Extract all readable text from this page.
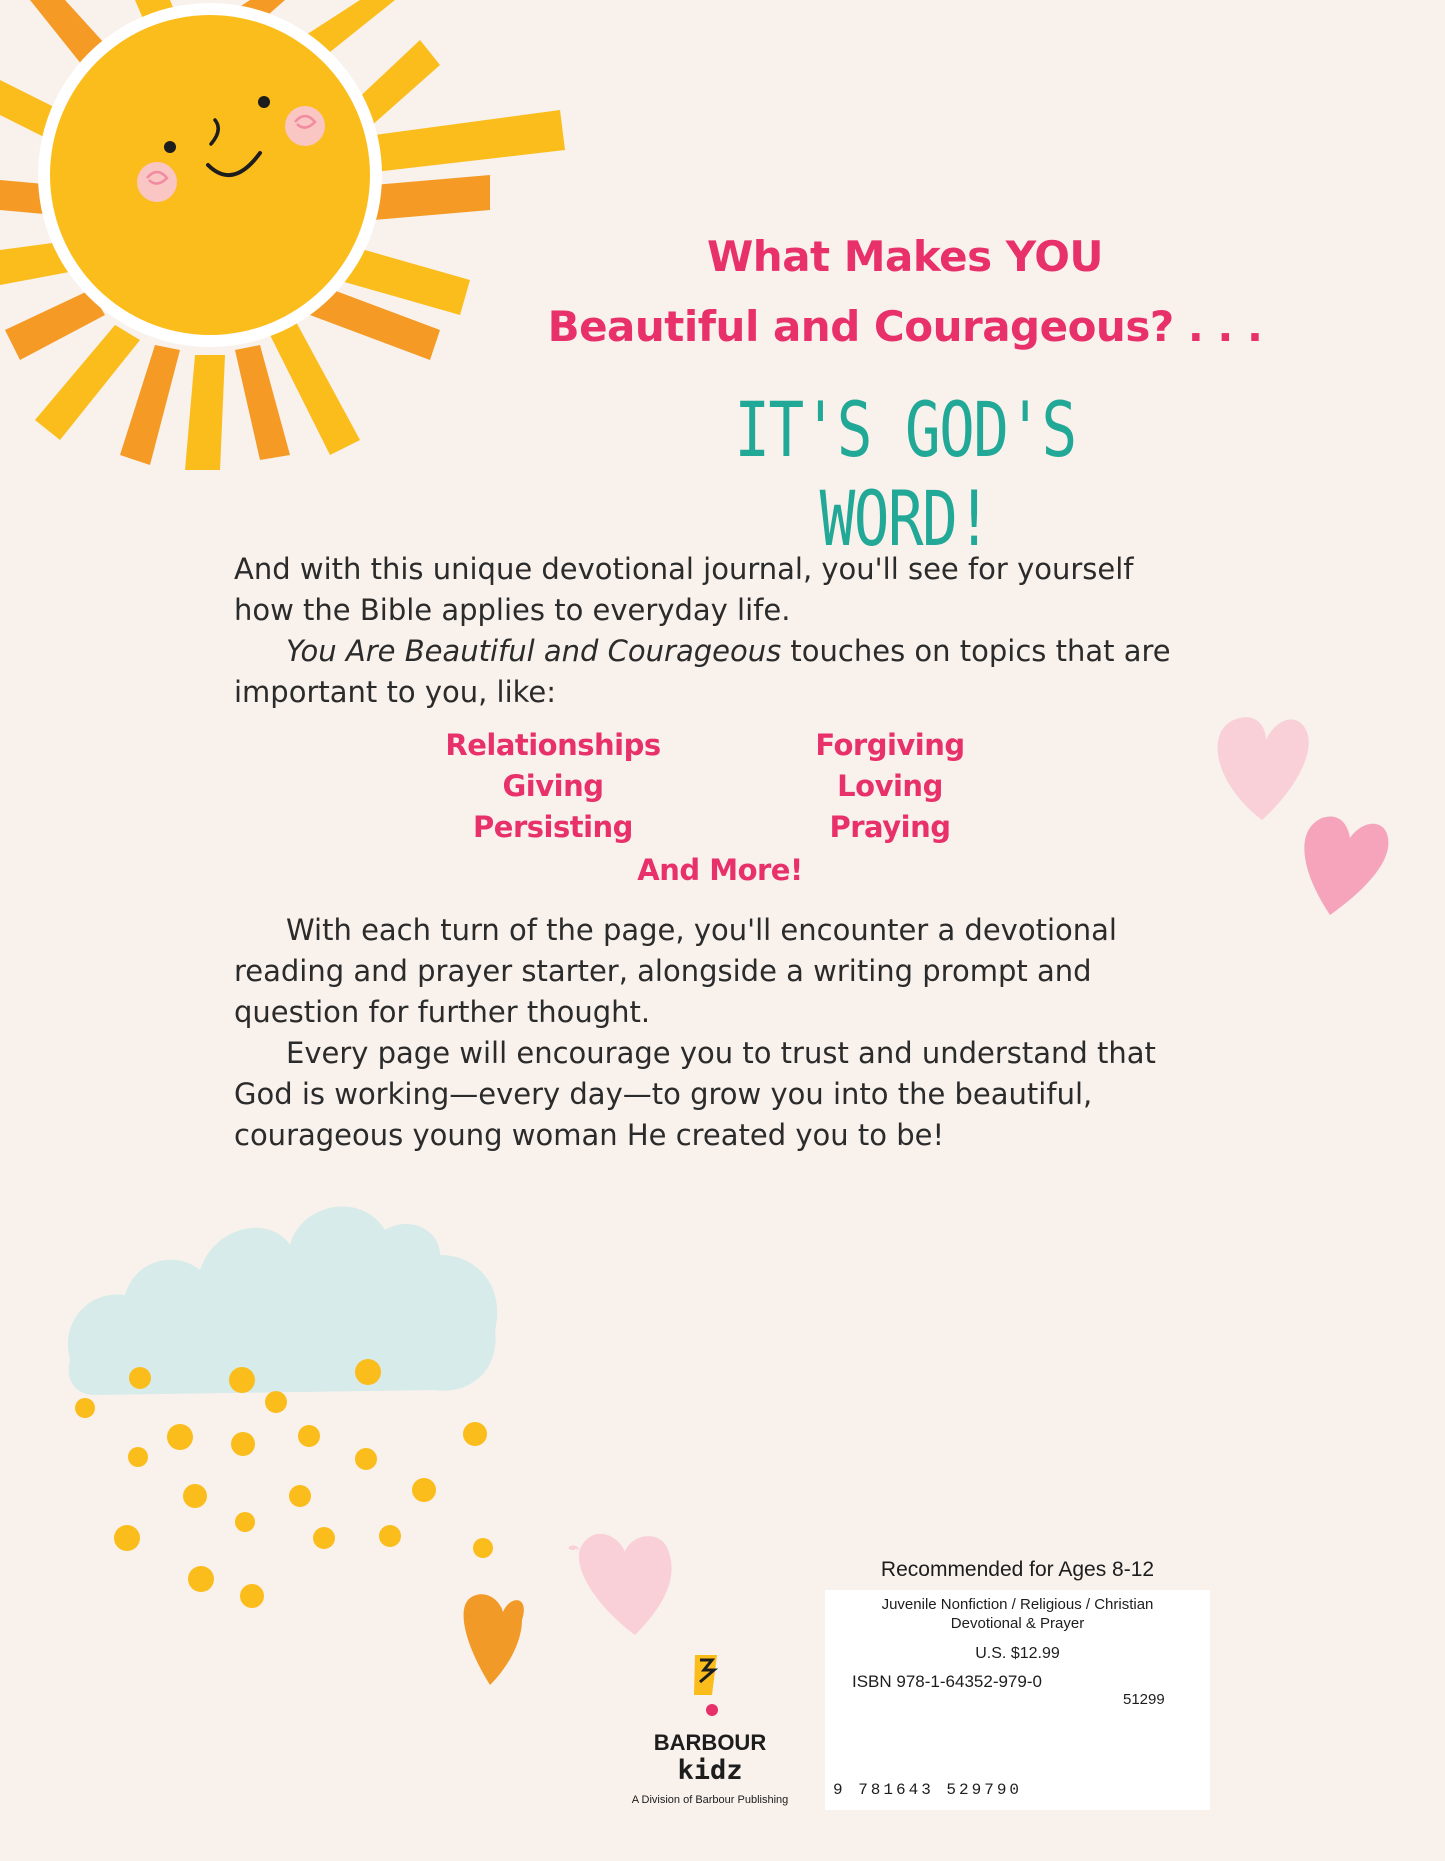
What Makes YOU
Beautiful and Courageous? . . .
IT'S GOD'S WORD!
And with this unique devotional journal, you'll see for yourself how the Bible applies to everyday life.
You Are Beautiful and Courageous touches on topics that are important to you, like:
Relationships
Giving
Persisting
Forgiving
Loving
Praying
And More!
With each turn of the page, you'll encounter a devotional reading and prayer starter, alongside a writing prompt and question for further thought.
Every page will encourage you to trust and understand that God is working—every day—to grow you into the beautiful, courageous young woman He created you to be!
Recommended for Ages 8-12
Juvenile Nonfiction / Religious / Christian
Devotional & Prayer
U.S. $12.99
ISBN 978-1-64352-979-0
51299
9 781643 529790
BARBOUR
kidz
A Division of Barbour Publishing
